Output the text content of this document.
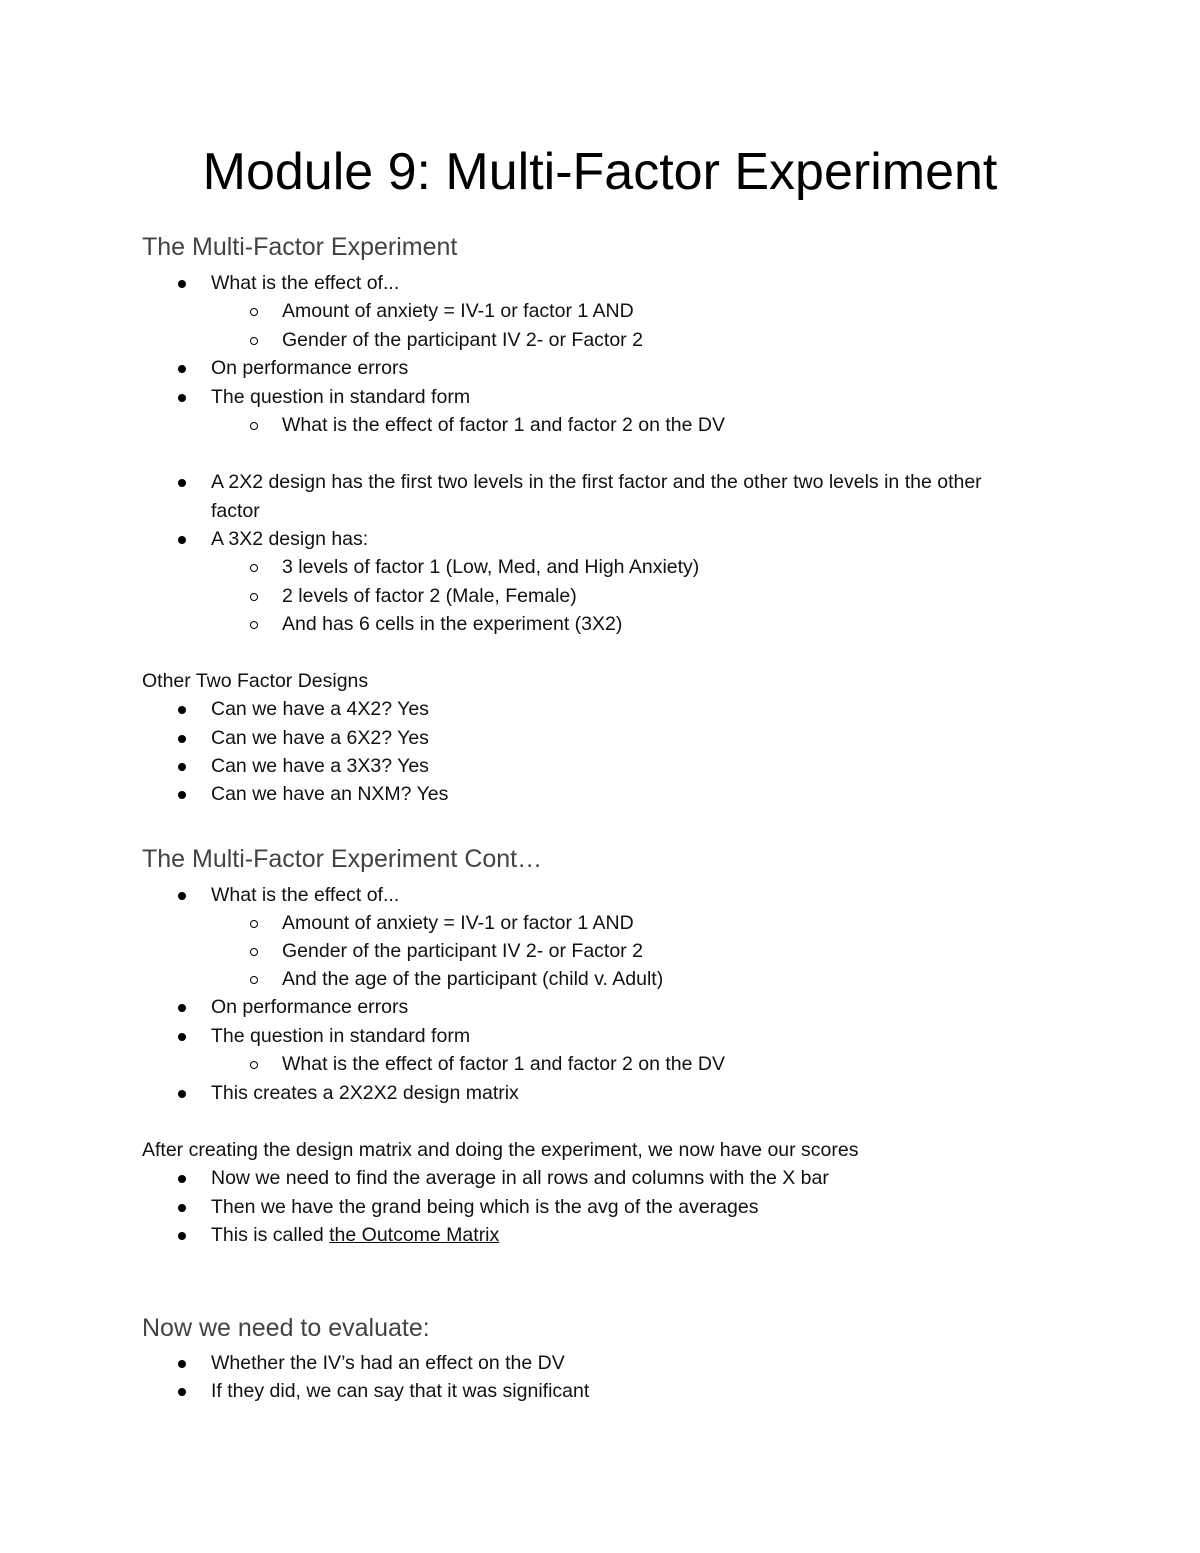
Module 9: Multi-Factor Experiment
The Multi-Factor Experiment
What is the effect of...
Amount of anxiety = IV-1 or factor 1 AND
Gender of the participant IV 2- or Factor 2
On performance errors
The question in standard form
What is the effect of factor 1 and factor 2 on the DV
A 2X2 design has the first two levels in the first factor and the other two levels in the other factor
A 3X2 design has:
3 levels of factor 1 (Low, Med, and High Anxiety)
2 levels of factor 2 (Male, Female)
And has 6 cells in the experiment (3X2)

Other Two Factor Designs

Can we have a 4X2? Yes
Can we have a 6X2? Yes
Can we have a 3X3? Yes
Can we have an NXM? Yes
The Multi-Factor Experiment Cont…
What is the effect of...
Amount of anxiety = IV-1 or factor 1 AND
Gender of the participant IV 2- or Factor 2
And the age of the participant (child v. Adult)
On performance errors
The question in standard form
What is the effect of factor 1 and factor 2 on the DV
This creates a 2X2X2 design matrix

After creating the design matrix and doing the experiment, we now have our scores

Now we need to find the average in all rows and columns with the X bar
Then we have the grand being which is the avg of the averages
This is called the Outcome Matrix
Now we need to evaluate:
Whether the IV’s had an effect on the DV
If they did, we can say that it was significant
